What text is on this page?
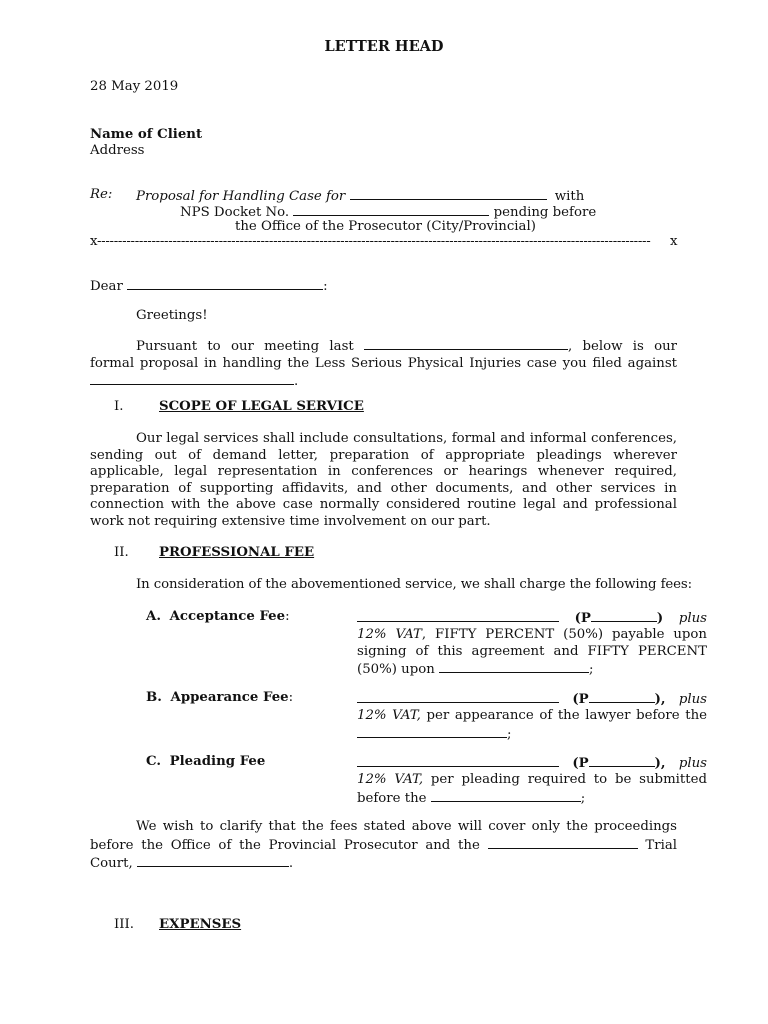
LETTER HEAD
28 May 2019
Name of Client
Address
Re: Proposal for Handling Case for	with
NPS Docket No.	pending before
the Office of the Prosecutor (City/Provincial)
x------------------------------------------------------------------------------------------------------------------------------------	x
Dear	:
Greetings!
Pursuant to our meeting last	, below is our formal proposal in handling the Less Serious Physical Injuries case you filed against .
I.	SCOPE OF LEGAL SERVICE
Our legal services shall include consultations, formal and informal conferences, sending out of demand letter, preparation of appropriate pleadings wherever applicable, legal representation in conferences or hearings whenever required, preparation of supporting affidavits, and other documents, and other services in connection with the above case normally considered routine legal and professional work not requiring extensive time involvement on our part.
II. PROFESSIONAL FEE
In consideration of the abovementioned service, we shall charge the following fees:
A. Acceptance Fee:	(P	) plus 12% VAT, FIFTY PERCENT (50%) payable upon signing of this agreement and FIFTY PERCENT (50%) upon	;
B. Appearance Fee:	(P	), plus 12% VAT, per appearance of the lawyer before the ;
C. Pleading Fee	(P	), plus 12% VAT, per pleading required to be submitted before the	;
We wish to clarify that the fees stated above will cover only the proceedings before the Office of the Provincial Prosecutor and the	Trial Court,	.
III. EXPENSES
